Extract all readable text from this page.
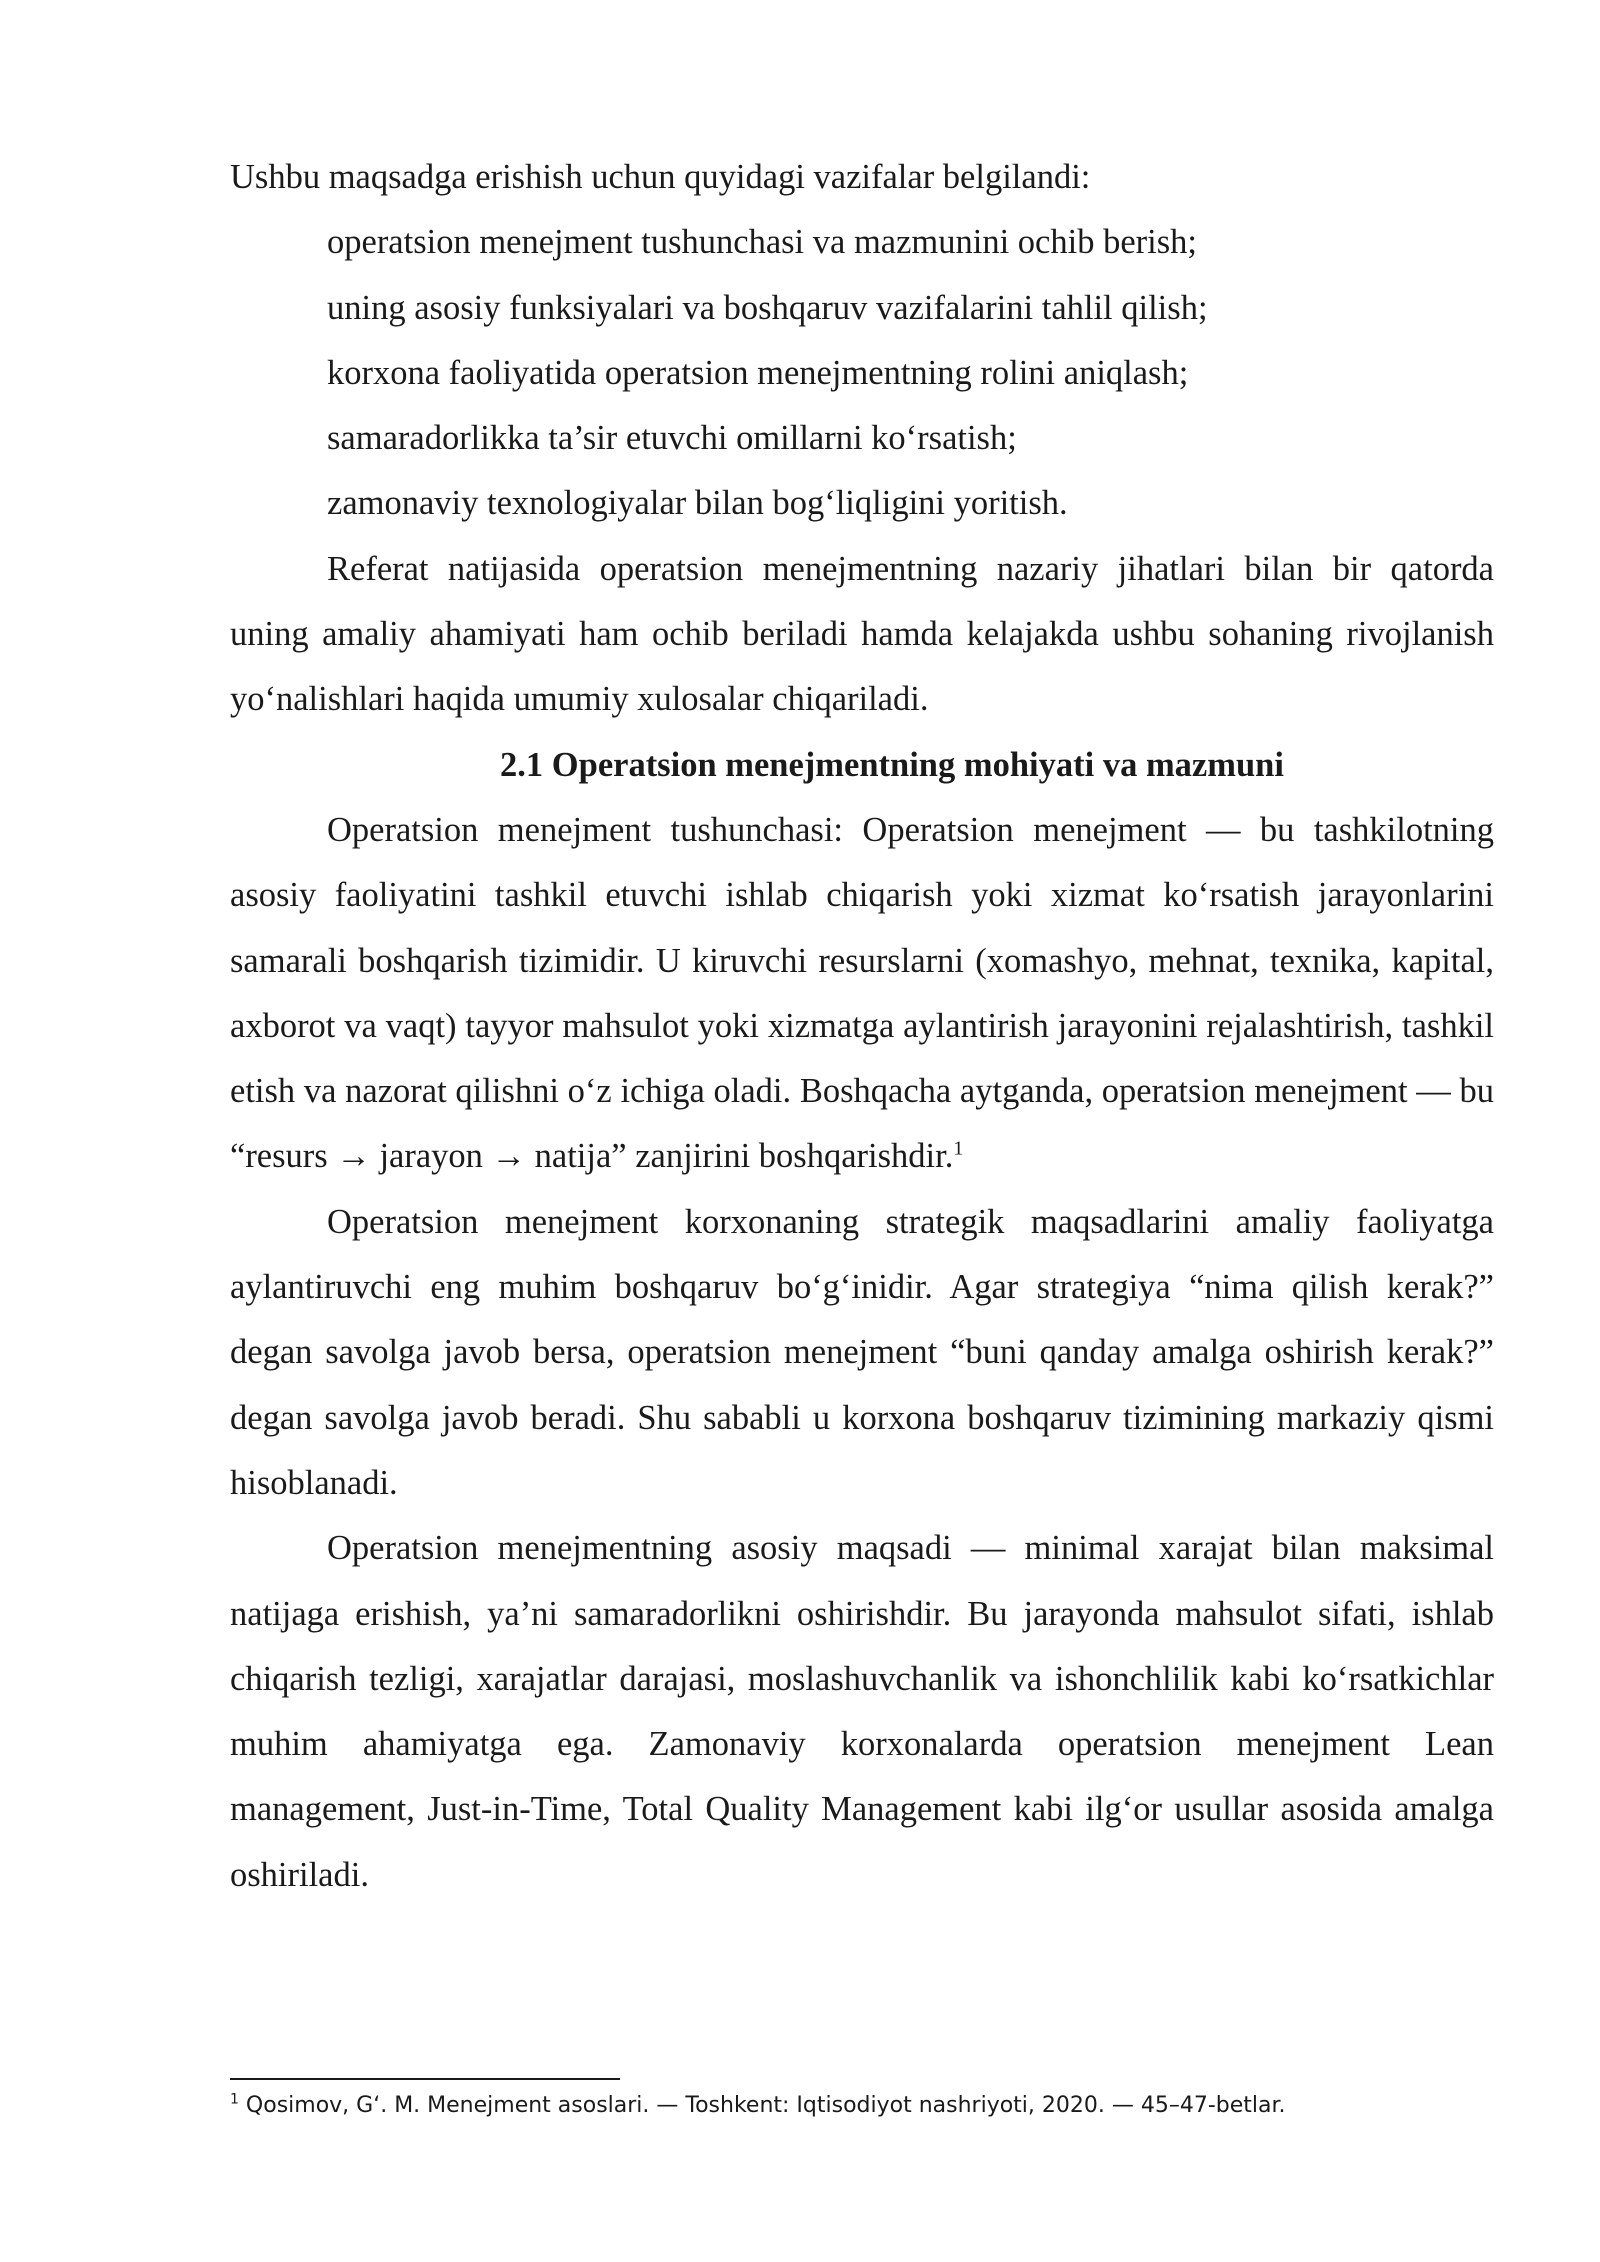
Ushbu maqsadga erishish uchun quyidagi vazifalar belgilandi:

operatsion menejment tushunchasi va mazmunini ochib berish;

uning asosiy funksiyalari va boshqaruv vazifalarini tahlil qilish;

korxona faoliyatida operatsion menejmentning rolini aniqlash;

samaradorlikka ta’sir etuvchi omillarni ko‘rsatish;

zamonaviy texnologiyalar bilan bog‘liqligini yoritish.

Referat natijasida operatsion menejmentning nazariy jihatlari bilan bir qatorda uning amaliy ahamiyati ham ochib beriladi hamda kelajakda ushbu sohaning rivojlanish yo‘nalishlari haqida umumiy xulosalar chiqariladi.

2.1 Operatsion menejmentning mohiyati va mazmuni

Operatsion menejment tushunchasi: Operatsion menejment — bu tashkilotning asosiy faoliyatini tashkil etuvchi ishlab chiqarish yoki xizmat ko‘rsatish jarayonlarini samarali boshqarish tizimidir. U kiruvchi resurslarni (xomashyo, mehnat, texnika, kapital, axborot va vaqt) tayyor mahsulot yoki xizmatga aylantirish jarayonini rejalashtirish, tashkil etish va nazorat qilishni o‘z ichiga oladi. Boshqacha aytganda, operatsion menejment — bu “resurs → jarayon → natija” zanjirini boshqarishdir.$^1$

Operatsion menejment korxonaning strategik maqsadlarini amaliy faoliyatga aylantiruvchi eng muhim boshqaruv bo‘g‘inidir. Agar strategiya “nima qilish kerak?” degan savolga javob bersa, operatsion menejment “buni qanday amalga oshirish kerak?” degan savolga javob beradi. Shu sababli u korxona boshqaruv tizimining markaziy qismi hisoblanadi.

Operatsion menejmentning asosiy maqsadi — minimal xarajat bilan maksimal natijaga erishish, ya’ni samaradorlikni oshirishdir. Bu jarayonda mahsulot sifati, ishlab chiqarish tezligi, xarajatlar darajasi, moslashuvchanlik va ishonchlilik kabi ko‘rsatkichlar muhim ahamiyatga ega. Zamonaviy korxonalarda operatsion menejment Lean management, Just-in-Time, Total Quality Management kabi ilg‘or usullar asosida amalga oshiriladi.

$^1$ Qosimov, G‘. M. Menejment asoslari. — Toshkent: Iqtisodiyot nashriyoti, 2020. — 45–47-betlar.
